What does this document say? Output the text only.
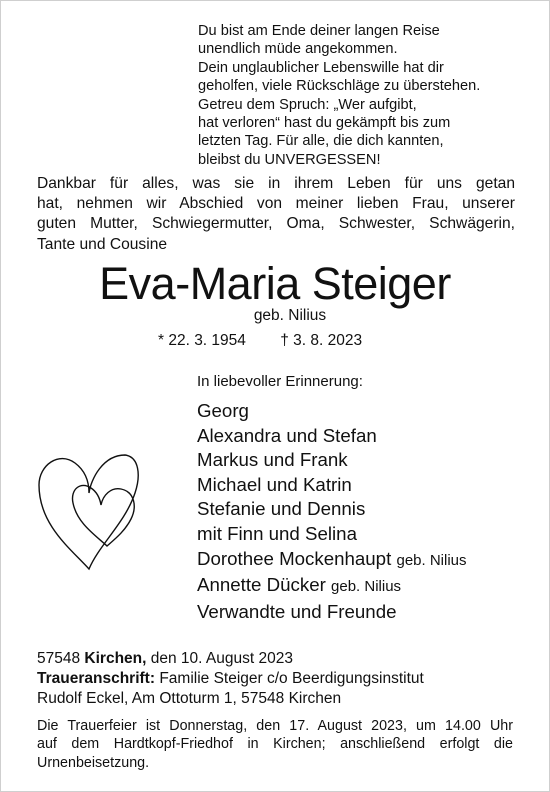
Du bist am Ende deiner langen Reise
unendlich müde angekommen.
Dein unglaublicher Lebenswille hat dir
geholfen, viele Rückschläge zu überstehen.
Getreu dem Spruch: „Wer aufgibt,
hat verloren“ hast du gekämpft bis zum
letzten Tag. Für alle, die dich kannten,
bleibst du UNVERGESSEN!
Dankbar für alles, was sie in ihrem Leben für uns getan
hat, nehmen wir Abschied von meiner lieben Frau, unserer
guten Mutter, Schwiegermutter, Oma, Schwester, Schwägerin,
Tante und Cousine
Eva-Maria Steiger
geb. Nilius
* 22. 3. 1954 † 3. 8. 2023
In liebevoller Erinnerung:
Georg
Alexandra und Stefan
Markus und Frank
Michael und Katrin
Stefanie und Dennis
mit Finn und Selina
Dorothee Mockenhaupt geb. Nilius
Annette Dücker geb. Nilius
Verwandte und Freunde
57548 Kirchen, den 10. August 2023
Traueranschrift: Familie Steiger c/o Beerdigungsinstitut
Rudolf Eckel, Am Ottoturm 1, 57548 Kirchen
Die Trauerfeier ist Donnerstag, den 17. August 2023, um 14.00 Uhr
auf dem Hardtkopf-Friedhof in Kirchen; anschließend erfolgt die
Urnenbeisetzung.
